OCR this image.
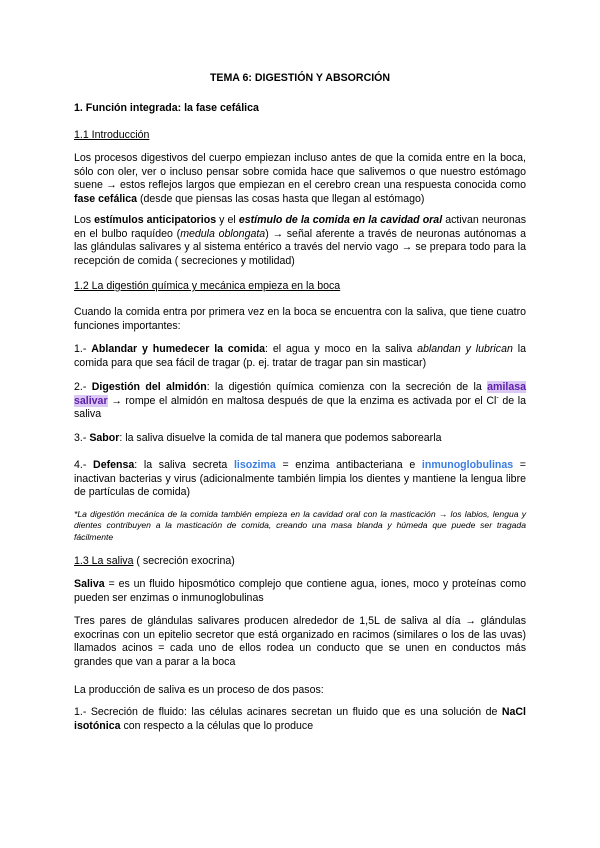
TEMA 6: DIGESTIÓN Y ABSORCIÓN

1. Función integrada: la fase cefálica

1.1 Introducción

Los procesos digestivos del cuerpo empiezan incluso antes de que la comida entre en la boca, sólo con oler, ver o incluso pensar sobre comida hace que salivemos o que nuestro estómago suene → estos reflejos largos que empiezan en el cerebro crean una respuesta conocida como fase cefálica (desde que piensas las cosas hasta que llegan al estómago)

Los estímulos anticipatorios y el estímulo de la comida en la cavidad oral activan neuronas en el bulbo raquídeo (medula oblongata) → señal aferente a través de neuronas autónomas a las glándulas salivares y al sistema entérico a través del nervio vago → se prepara todo para la recepción de comida ( secreciones y motilidad)

1.2 La digestión química y mecánica empieza en la boca

Cuando la comida entra por primera vez en la boca se encuentra con la saliva, que tiene cuatro funciones importantes:

1.- Ablandar y humedecer la comida: el agua y moco en la saliva ablandan y lubrican la comida para que sea fácil de tragar (p. ej. tratar de tragar pan sin masticar)

2.- Digestión del almidón: la digestión química comienza con la secreción de la amilasa salivar → rompe el almidón en maltosa después de que la enzima es activada por el Cl- de la saliva

3.- Sabor: la saliva disuelve la comida de tal manera que podemos saborearla

4.- Defensa: la saliva secreta lisozima = enzima antibacteriana e inmunoglobulinas = inactivan bacterias y virus (adicionalmente también limpia los dientes y mantiene la lengua libre de partículas de comida)

*La digestión mecánica de la comida también empieza en la cavidad oral con la masticación → los labios, lengua y dientes contribuyen a la masticación de comida, creando una masa blanda y húmeda que puede ser tragada fácilmente

1.3 La saliva ( secreción exocrina)

Saliva = es un fluido hiposmótico complejo que contiene agua, iones, moco y proteínas como pueden ser enzimas o inmunoglobulinas

Tres pares de glándulas salivares producen alrededor de 1,5L de saliva al día → glándulas exocrinas con un epitelio secretor que está organizado en racimos (similares o los de las uvas) llamados acinos = cada uno de ellos rodea un conducto que se unen en conductos más grandes que van a parar a la boca

La producción de saliva es un proceso de dos pasos:

1.- Secreción de fluido: las células acinares secretan un fluido que es una solución de NaCl isotónica con respecto a la células que lo produce
